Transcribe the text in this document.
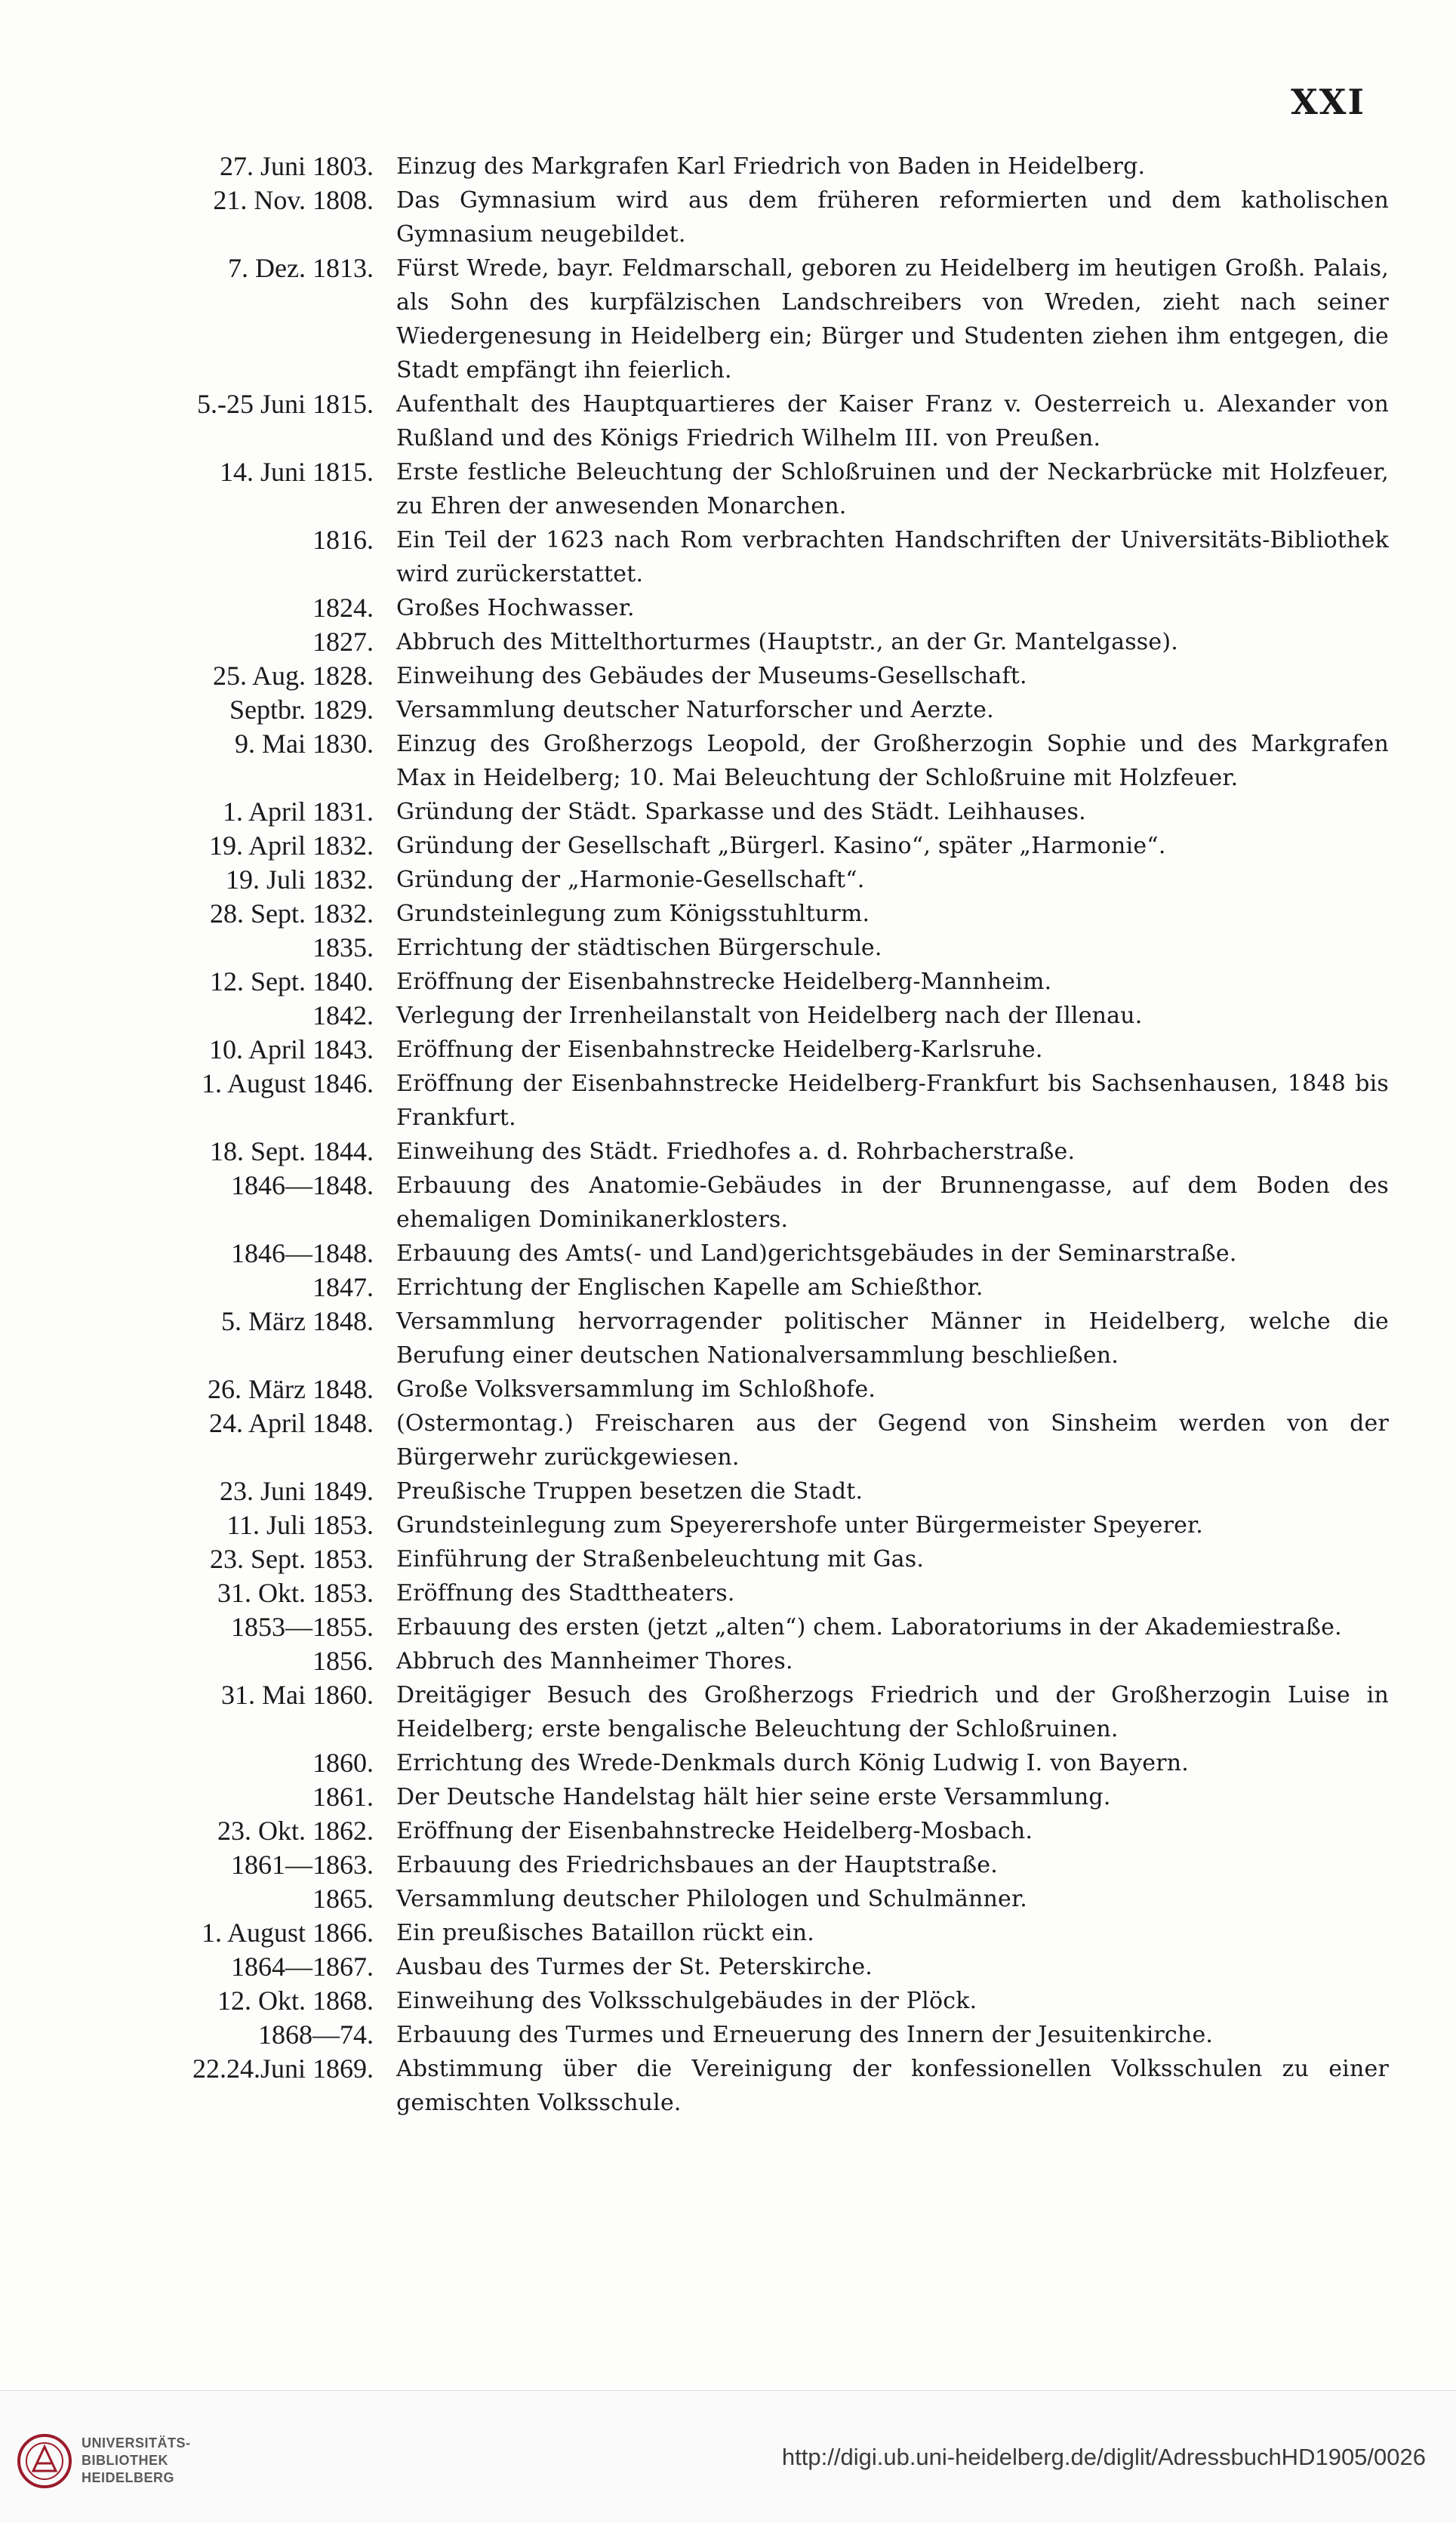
XXI
27. Juni 1803.	Einzug des Markgrafen Karl Friedrich von Baden in Heidelberg.

21. Nov. 1808.	Das Gymnasium wird aus dem früheren reformierten und dem katholischen Gymnasium neugebildet.

7. Dez. 1813.	Fürst Wrede, bayr. Feldmarschall, geboren zu Heidelberg im heutigen Großh. Palais, als Sohn des kurpfälzischen Landschreibers von Wreden, zieht nach seiner Wiedergenesung in Heidelberg ein; Bürger und Studenten ziehen ihm entgegen, die Stadt empfängt ihn feierlich.

5.-25 Juni 1815.	Aufenthalt des Hauptquartieres der Kaiser Franz v. Oesterreich u. Alexander von Rußland und des Königs Friedrich Wilhelm III. von Preußen.

14. Juni 1815.	Erste festliche Beleuchtung der Schloßruinen und der Neckarbrücke mit Holzfeuer, zu Ehren der anwesenden Monarchen.

1816.	Ein Teil der 1623 nach Rom verbrachten Handschriften der Universitäts-Bibliothek wird zurückerstattet.

1824.	Großes Hochwasser.

1827.	Abbruch des Mittelthorturmes (Hauptstr., an der Gr. Mantelgasse).

25. Aug. 1828.	Einweihung des Gebäudes der Museums-Gesellschaft.

Septbr. 1829.	Versammlung deutscher Naturforscher und Aerzte.

9. Mai 1830.	Einzug des Großherzogs Leopold, der Großherzogin Sophie und des Markgrafen Max in Heidelberg; 10. Mai Beleuchtung der Schloßruine mit Holzfeuer.

1. April 1831.	Gründung der Städt. Sparkasse und des Städt. Leihhauses.

19. April 1832.	Gründung der Gesellschaft „Bürgerl. Kasino“, später „Harmonie“.

19. Juli 1832.	Gründung der „Harmonie-Gesellschaft“.

28. Sept. 1832.	Grundsteinlegung zum Königsstuhlturm.

1835.	Errichtung der städtischen Bürgerschule.

12. Sept. 1840.	Eröffnung der Eisenbahnstrecke Heidelberg-Mannheim.

1842.	Verlegung der Irrenheilanstalt von Heidelberg nach der Illenau.

10. April 1843.	Eröffnung der Eisenbahnstrecke Heidelberg-Karlsruhe.

1. August 1846.	Eröffnung der Eisenbahnstrecke Heidelberg-Frankfurt bis Sachsenhausen, 1848 bis Frankfurt.

18. Sept. 1844.	Einweihung des Städt. Friedhofes a. d. Rohrbacherstraße.

1846—1848.	Erbauung des Anatomie-Gebäudes in der Brunnengasse, auf dem Boden des ehemaligen Dominikanerklosters.

1846—1848.	Erbauung des Amts(- und Land)gerichtsgebäudes in der Seminarstraße.

1847.	Errichtung der Englischen Kapelle am Schießthor.

5. März 1848.	Versammlung hervorragender politischer Männer in Heidelberg, welche die Berufung einer deutschen Nationalversammlung beschließen.

26. März 1848.	Große Volksversammlung im Schloßhofe.

24. April 1848.	(Ostermontag.) Freischaren aus der Gegend von Sinsheim werden von der Bürgerwehr zurückgewiesen.

23. Juni 1849.	Preußische Truppen besetzen die Stadt.

11. Juli 1853.	Grundsteinlegung zum Speyerershofe unter Bürgermeister Speyerer.

23. Sept. 1853.	Einführung der Straßenbeleuchtung mit Gas.

31. Okt. 1853.	Eröffnung des Stadttheaters.

1853—1855.	Erbauung des ersten (jetzt „alten“) chem. Laboratoriums in der Akademiestraße.

1856.	Abbruch des Mannheimer Thores.

31. Mai 1860.	Dreitägiger Besuch des Großherzogs Friedrich und der Großherzogin Luise in Heidelberg; erste bengalische Beleuchtung der Schloßruinen.

1860.	Errichtung des Wrede-Denkmals durch König Ludwig I. von Bayern.

1861.	Der Deutsche Handelstag hält hier seine erste Versammlung.

23. Okt. 1862.	Eröffnung der Eisenbahnstrecke Heidelberg-Mosbach.

1861—1863.	Erbauung des Friedrichsbaues an der Hauptstraße.

1865.	Versammlung deutscher Philologen und Schulmänner.

1. August 1866.	Ein preußisches Bataillon rückt ein.

1864—1867.	Ausbau des Turmes der St. Peterskirche.

12. Okt. 1868.	Einweihung des Volksschulgebäudes in der Plöck.

1868—74.	Erbauung des Turmes und Erneuerung des Innern der Jesuitenkirche.

22.24.Juni 1869.	Abstimmung über die Vereinigung der konfessionellen Volksschulen zu einer gemischten Volksschule.

UNIVERSITÄTS-
BIBLIOTHEK
HEIDELBERG
http://digi.ub.uni-heidelberg.de/diglit/AdressbuchHD1905/0026
